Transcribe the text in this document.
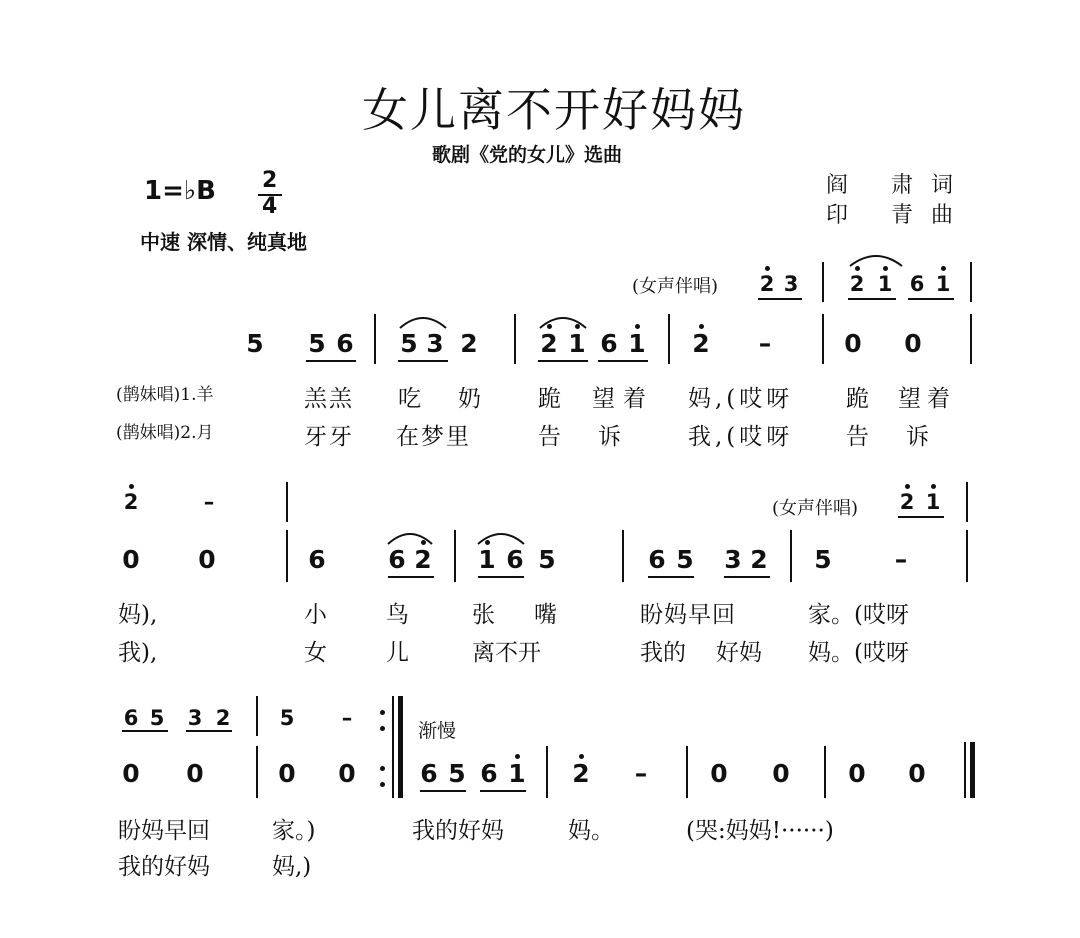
女儿离不开好妈妈
歌剧《党的女儿》选曲
阎 肃词
印 青曲
1=♭B 2
4
中速 深情、纯真地
(女声伴唱) 2 3 2 1 6 1
5 5 6 5 3 2	2 1 6 1 2 –	0 0
(鹊妹唱)1.羊	羔羔 吃 奶 跪 望着 妈,(哎呀 跪 望着
(鹊妹唱)2.月	牙牙 在梦里	告 诉	我,(哎呀 告 诉
2	–	(女声伴唱) 2 1
0 0	6	6 2 1 6 5	6 5 3 2 5	–
妈),	小	鸟	张 嘴	盼妈早回	家。(哎呀
我),	女	儿	离不开	我的 好妈 妈。(哎呀
6 5 3 2 5 –
渐慢
0 0	0 0	6 5 6 1 2 –	0 0 0 0
盼妈早回	家。)	我的好妈	妈。	(哭:妈妈!······)
我的好妈	妈,)
